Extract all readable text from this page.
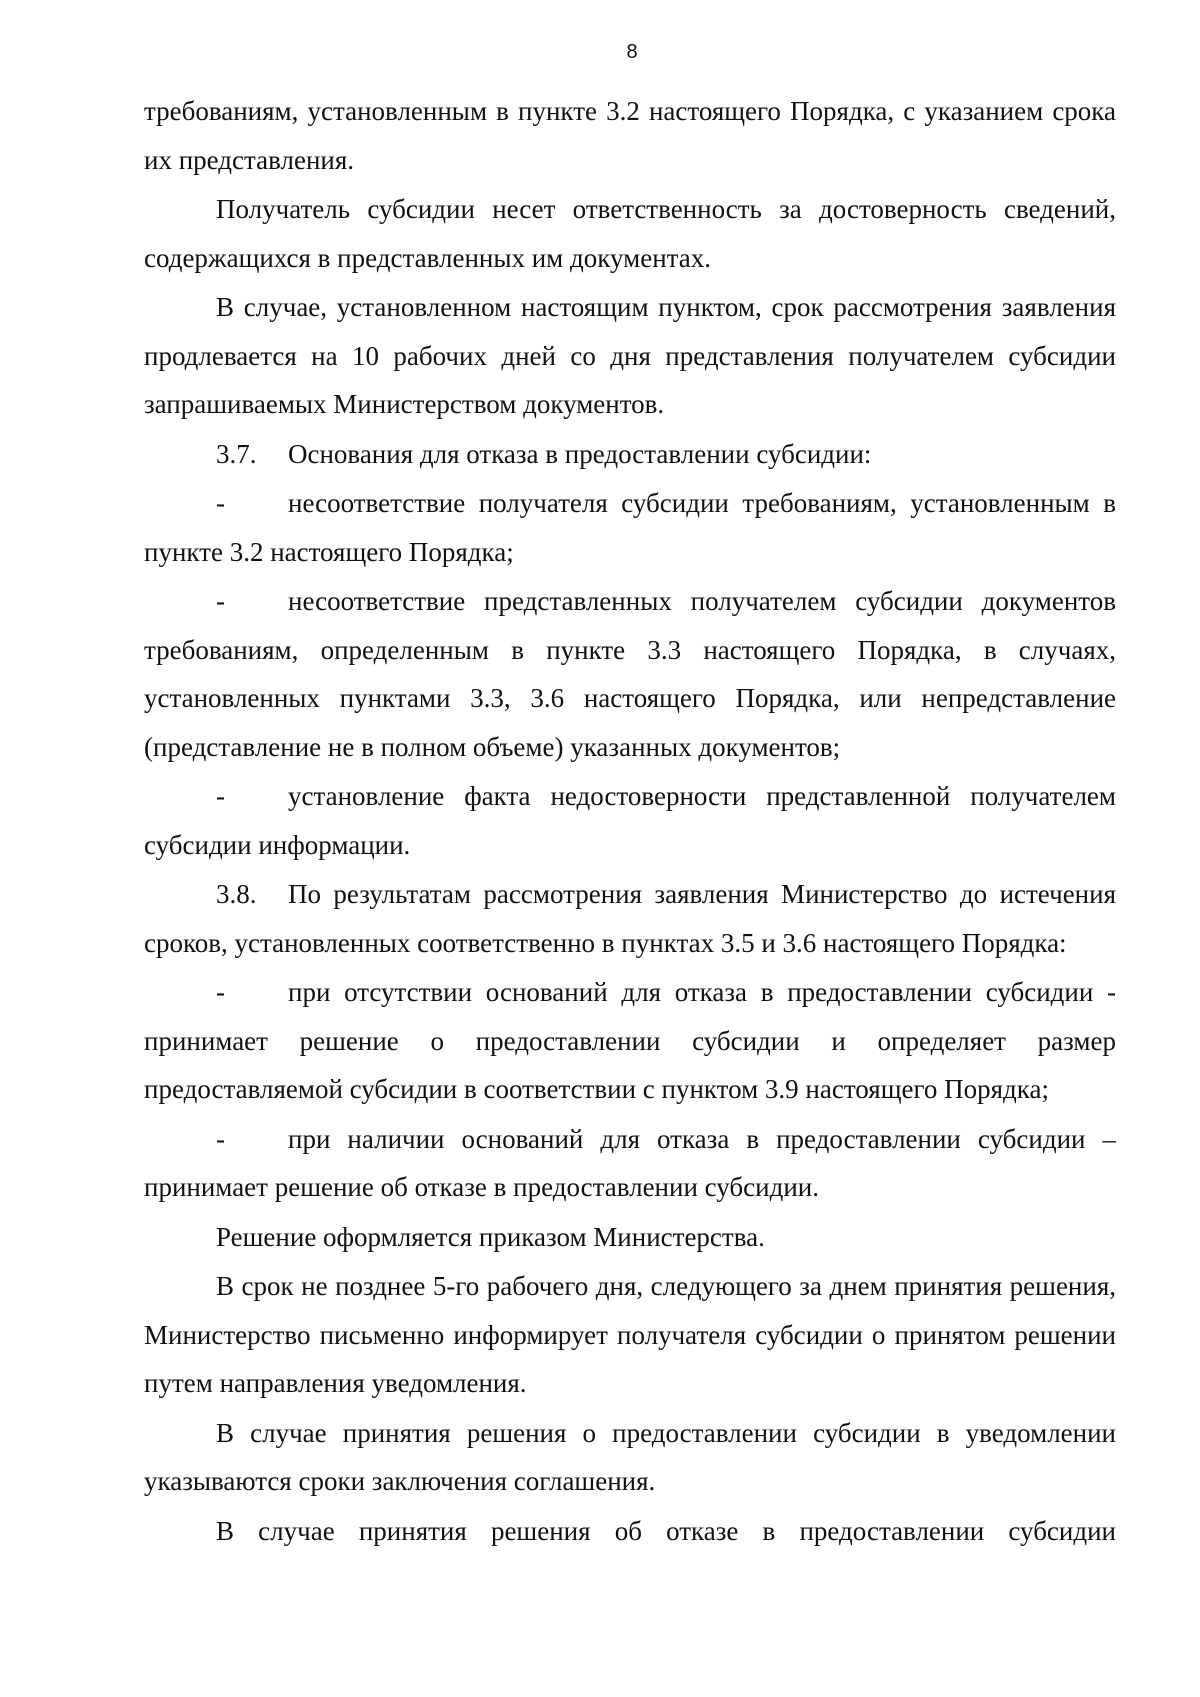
8

требованиям, установленным в пункте 3.2 настоящего Порядка, с указанием срока их представления.

Получатель субсидии несет ответственность за достоверность сведений, содержащихся в представленных им документах.

В случае, установленном настоящим пунктом, срок рассмотрения заявления продлевается на 10 рабочих дней со дня представления получателем субсидии запрашиваемых Министерством документов.

3.7. Основания для отказа в предоставлении субсидии:

- несоответствие получателя субсидии требованиям, установленным в пункте 3.2 настоящего Порядка;

- несоответствие представленных получателем субсидии документов требованиям, определенным в пункте 3.3 настоящего Порядка, в случаях, установленных пунктами 3.3, 3.6 настоящего Порядка, или непредставление (представление не в полном объеме) указанных документов;

- установление факта недостоверности представленной получателем субсидии информации.

3.8. По результатам рассмотрения заявления Министерство до истечения сроков, установленных соответственно в пунктах 3.5 и 3.6 настоящего Порядка:

- при отсутствии оснований для отказа в предоставлении субсидии - принимает решение о предоставлении субсидии и определяет размер предоставляемой субсидии в соответствии с пунктом 3.9 настоящего Порядка;

- при наличии оснований для отказа в предоставлении субсидии – принимает решение об отказе в предоставлении субсидии.

Решение оформляется приказом Министерства.

В срок не позднее 5-го рабочего дня, следующего за днем принятия решения, Министерство письменно информирует получателя субсидии о принятом решении путем направления уведомления.

В случае принятия решения о предоставлении субсидии в уведомлении указываются сроки заключения соглашения.

В случае принятия решения об отказе в предоставлении субсидии
